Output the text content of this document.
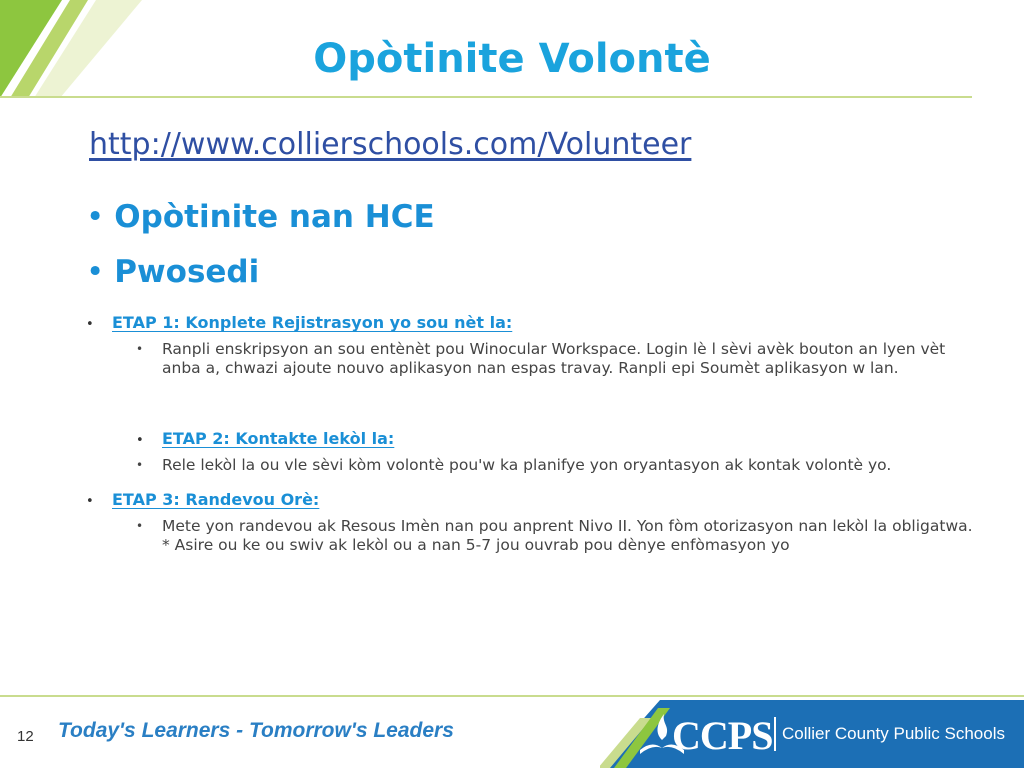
Opòtinite Volontè
http://www.collierschools.com/Volunteer
• Opòtinite nan HCE
• Pwosedi
• ETAP 1: Konplete Rejistrasyon yo sou nèt la:
•	Ranpli enskripsyon an sou entènèt pou Winocular Workspace. Login lè l sèvi avèk bouton an lyen vèt anba a, chwazi ajoute nouvo aplikasyon nan espas travay. Ranpli epi Soumèt aplikasyon w lan.
• ETAP 2: Kontakte lekòl la:
•	Rele lekòl la ou vle sèvi kòm volontè pou'w ka planifye yon oryantasyon ak kontak volontè yo.
• ETAP 3: Randevou Orè:
•	Mete yon randevou ak Resous Imèn nan pou anprent Nivo II. Yon fòm otorizasyon nan lekòl la obligatwa. * Asire ou ke ou swiv ak lekòl ou a nan 5-7 jou ouvrab pou dènye enfòmasyon yo
12 Today's Learners - Tomorrow's Leaders	CCPS Collier County Public Schools
